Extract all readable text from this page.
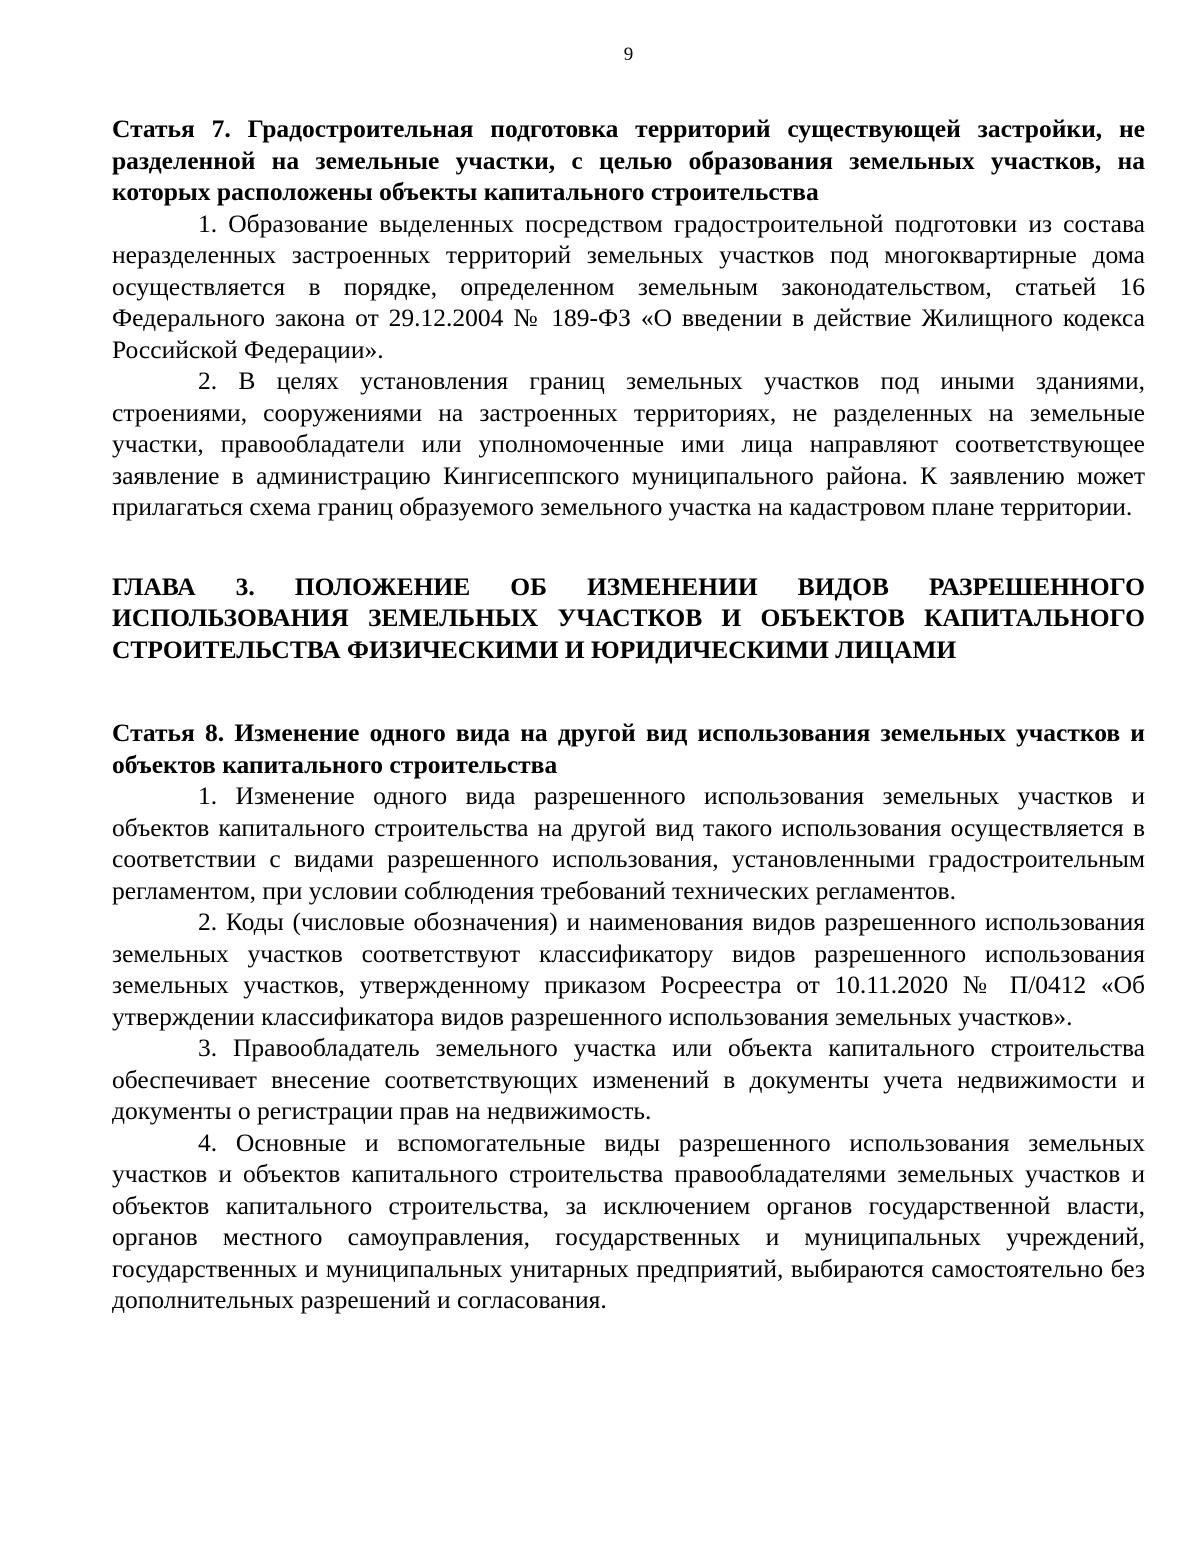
9

Статья 7. Градостроительная подготовка территорий существующей застройки, не разделенной на земельные участки, с целью образования земельных участков, на которых расположены объекты капитального строительства

1. Образование выделенных посредством градостроительной подготовки из состава неразделенных застроенных территорий земельных участков под многоквартирные дома осуществляется в порядке, определенном земельным законодательством, статьей 16 Федерального закона от 29.12.2004 № 189-ФЗ «О введении в действие Жилищного кодекса Российской Федерации».

2. В целях установления границ земельных участков под иными зданиями, строениями, сооружениями на застроенных территориях, не разделенных на земельные участки, правообладатели или уполномоченные ими лица направляют соответствующее заявление в администрацию Кингисеппского муниципального района. К заявлению может прилагаться схема границ образуемого земельного участка на кадастровом плане территории.

ГЛАВА 3. ПОЛОЖЕНИЕ ОБ ИЗМЕНЕНИИ ВИДОВ РАЗРЕШЕННОГО ИСПОЛЬЗОВАНИЯ ЗЕМЕЛЬНЫХ УЧАСТКОВ И ОБЪЕКТОВ КАПИТАЛЬНОГО СТРОИТЕЛЬСТВА ФИЗИЧЕСКИМИ И ЮРИДИЧЕСКИМИ ЛИЦАМИ

Статья 8. Изменение одного вида на другой вид использования земельных участков и объектов капитального строительства

1. Изменение одного вида разрешенного использования земельных участков и объектов капитального строительства на другой вид такого использования осуществляется в соответствии с видами разрешенного использования, установленными градостроительным регламентом, при условии соблюдения требований технических регламентов.

2. Коды (числовые обозначения) и наименования видов разрешенного использования земельных участков соответствуют классификатору видов разрешенного использования земельных участков, утвержденному приказом Росреестра от 10.11.2020 № П/0412 «Об утверждении классификатора видов разрешенного использования земельных участков».

3. Правообладатель земельного участка или объекта капитального строительства обеспечивает внесение соответствующих изменений в документы учета недвижимости и документы о регистрации прав на недвижимость.

4. Основные и вспомогательные виды разрешенного использования земельных участков и объектов капитального строительства правообладателями земельных участков и объектов капитального строительства, за исключением органов государственной власти, органов местного самоуправления, государственных и муниципальных учреждений, государственных и муниципальных унитарных предприятий, выбираются самостоятельно без дополнительных разрешений и согласования.
